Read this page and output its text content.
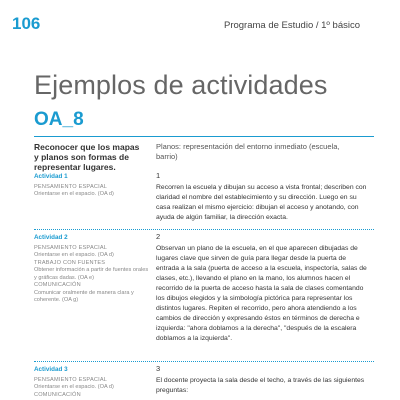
106	Programa de Estudio / 1º básico
Ejemplos de actividades
OA_8
Reconocer que los mapas y planos son formas de representar lugares.
Planos: representación del entorno inmediato (escuela, barrio)
Actividad 1
PENSAMIENTO ESPACIAL
Orientarse en el espacio. (OA d)
1
Recorren la escuela y dibujan su acceso a vista frontal; describen con claridad el nombre del establecimiento y su dirección. Luego en su casa realizan el mismo ejercicio: dibujan el acceso y anotando, con ayuda de algún familiar, la dirección exacta.
Actividad 2
PENSAMIENTO ESPACIAL
Orientarse en el espacio. (OA d)
TRABAJO CON FUENTES
Obtener información a partir de fuentes orales y gráficas dadas. (OA e)
COMUNICACIÓN
Comunicar oralmente de manera clara y coherente. (OA g)
2
Observan un plano de la escuela, en el que aparecen dibujadas de lugares clave que sirven de guía para llegar desde la puerta de entrada a la sala (puerta de acceso a la escuela, inspectoría, salas de clases, etc.), llevando el plano en la mano, los alumnos hacen el recorrido de la puerta de acceso hasta la sala de clases comentando los dibujos elegidos y la simbología pictórica para representar los distintos lugares. Repiten el recorrido, pero ahora atendiendo a los cambios de dirección y expresando éstos en términos de derecha e izquierda: "ahora doblamos a la derecha", "después de la escalera doblamos a la izquierda".
Actividad 3
PENSAMIENTO ESPACIAL
Orientarse en el espacio. (OA d)
COMUNICACIÓN
3
El docente proyecta la sala desde el techo, a través de las siguientes preguntas:
